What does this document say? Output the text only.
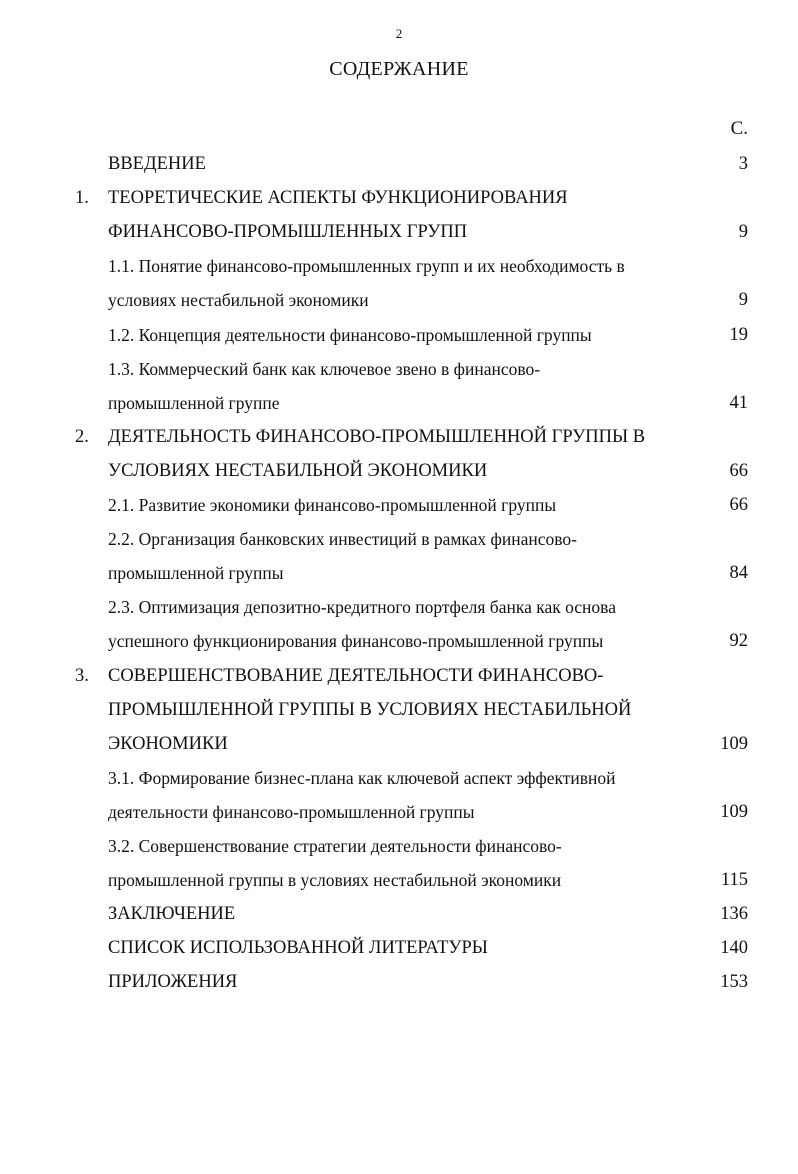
2
СОДЕРЖАНИЕ
С.
ВВЕДЕНИЕ	3
1. ТЕОРЕТИЧЕСКИЕ АСПЕКТЫ ФУНКЦИОНИРОВАНИЯ
ФИНАНСОВО-ПРОМЫШЛЕННЫХ ГРУПП	9
1.1. Понятие финансово-промышленных групп и их необходимость в
условиях нестабильной экономики	9
1.2. Концепция деятельности финансово-промышленной группы	19
1.3. Коммерческий банк как ключевое звено в финансово-
промышленной группе	41
2. ДЕЯТЕЛЬНОСТЬ ФИНАНСОВО-ПРОМЫШЛЕННОЙ ГРУППЫ В
УСЛОВИЯХ НЕСТАБИЛЬНОЙ ЭКОНОМИКИ	66
2.1. Развитие экономики финансово-промышленной группы	66
2.2. Организация банковских инвестиций в рамках финансово-
промышленной группы	84
2.3. Оптимизация депозитно-кредитного портфеля банка как основа
успешного функционирования финансово-промышленной группы	92
3. СОВЕРШЕНСТВОВАНИЕ ДЕЯТЕЛЬНОСТИ ФИНАНСОВО-
ПРОМЫШЛЕННОЙ ГРУППЫ В УСЛОВИЯХ НЕСТАБИЛЬНОЙ
ЭКОНОМИКИ	109
3.1. Формирование бизнес-плана как ключевой аспект эффективной
деятельности финансово-промышленной группы	109
3.2. Совершенствование стратегии деятельности финансово-
промышленной группы в условиях нестабильной экономики	115
ЗАКЛЮЧЕНИЕ	136
СПИСОК ИСПОЛЬЗОВАННОЙ ЛИТЕРАТУРЫ	140
ПРИЛОЖЕНИЯ	153
